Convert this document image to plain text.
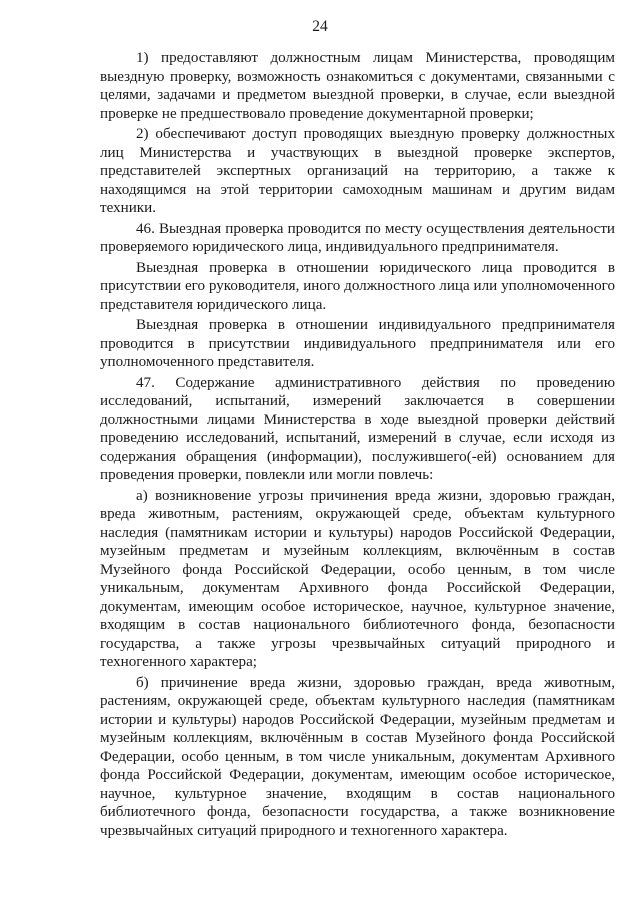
24

1) предоставляют должностным лицам Министерства, проводящим выездную проверку, возможность ознакомиться с документами, связанными с целями, задачами и предметом выездной проверки, в случае, если выездной проверке не предшествовало проведение документарной проверки;

2) обеспечивают доступ проводящих выездную проверку должностных лиц Министерства и участвующих в выездной проверке экспертов, представителей экспертных организаций на территорию, а также к находящимся на этой территории самоходным машинам и другим видам техники.

46. Выездная проверка проводится по месту осуществления деятельности проверяемого юридического лица, индивидуального предпринимателя.

Выездная проверка в отношении юридического лица проводится в присутствии его руководителя, иного должностного лица или уполномоченного представителя юридического лица.

Выездная проверка в отношении индивидуального предпринимателя проводится в присутствии индивидуального предпринимателя или его уполномоченного представителя.

47. Содержание административного действия по проведению исследований, испытаний, измерений заключается в совершении должностными лицами Министерства в ходе выездной проверки действий проведению исследований, испытаний, измерений в случае, если исходя из содержания обращения (информации), послужившего(-ей) основанием для проведения проверки, повлекли или могли повлечь:

а) возникновение угрозы причинения вреда жизни, здоровью граждан, вреда животным, растениям, окружающей среде, объектам культурного наследия (памятникам истории и культуры) народов Российской Федерации, музейным предметам и музейным коллекциям, включённым в состав Музейного фонда Российской Федерации, особо ценным, в том числе уникальным, документам Архивного фонда Российской Федерации, документам, имеющим особое историческое, научное, культурное значение, входящим в состав национального библиотечного фонда, безопасности государства, а также угрозы чрезвычайных ситуаций природного и техногенного характера;

б) причинение вреда жизни, здоровью граждан, вреда животным, растениям, окружающей среде, объектам культурного наследия (памятникам истории и культуры) народов Российской Федерации, музейным предметам и музейным коллекциям, включённым в состав Музейного фонда Российской Федерации, особо ценным, в том числе уникальным, документам Архивного фонда Российской Федерации, документам, имеющим особое историческое, научное, культурное значение, входящим в состав национального библиотечного фонда, безопасности государства, а также возникновение чрезвычайных ситуаций природного и техногенного характера.
